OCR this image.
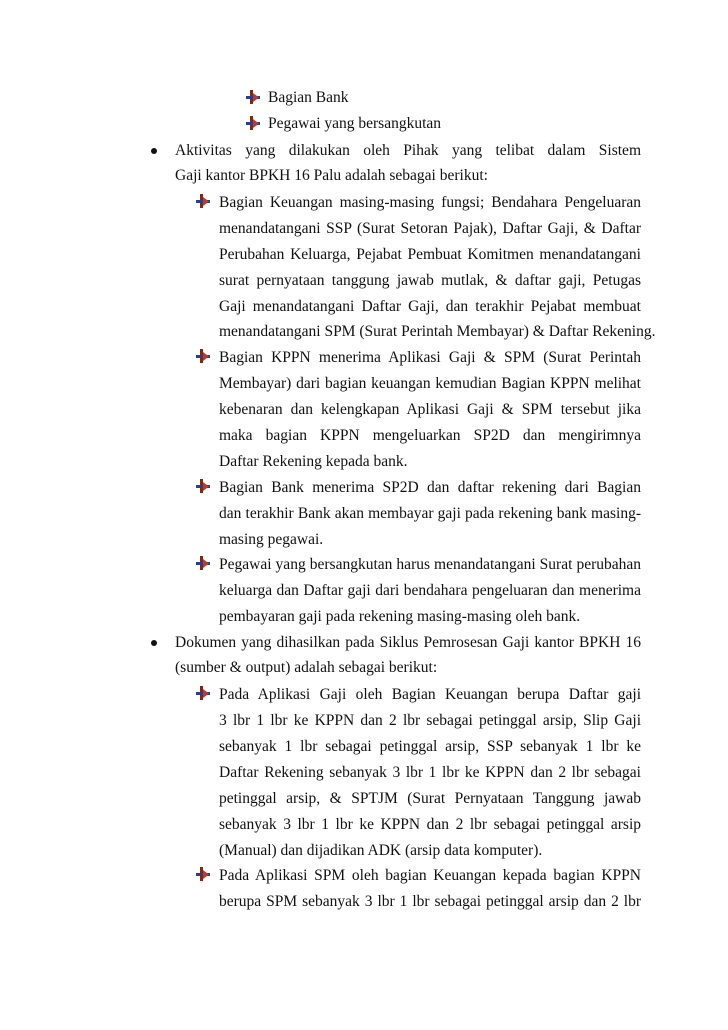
Bagian Bank
Pegawai yang bersangkutan
Aktivitas yang dilakukan oleh Pihak yang telibat dalam Sistem
Gaji kantor BPKH 16 Palu adalah sebagai berikut:
Bagian Keuangan masing-masing fungsi; Bendahara Pengeluaran
menandatangani SSP (Surat Setoran Pajak), Daftar Gaji, & Daftar
Perubahan Keluarga, Pejabat Pembuat Komitmen menandatangani
surat pernyataan tanggung jawab mutlak, & daftar gaji, Petugas
Gaji menandatangani Daftar Gaji, dan terakhir Pejabat membuat
menandatangani SPM (Surat Perintah Membayar) & Daftar Rekening.
Bagian KPPN menerima Aplikasi Gaji & SPM (Surat Perintah
Membayar) dari bagian keuangan kemudian Bagian KPPN melihat
kebenaran dan kelengkapan Aplikasi Gaji & SPM tersebut jika
maka bagian KPPN mengeluarkan SP2D dan mengirimnya
Daftar Rekening kepada bank.
Bagian Bank menerima SP2D dan daftar rekening dari Bagian
dan terakhir Bank akan membayar gaji pada rekening bank masing-
masing pegawai.
Pegawai yang bersangkutan harus menandatangani Surat perubahan
keluarga dan Daftar gaji dari bendahara pengeluaran dan menerima
pembayaran gaji pada rekening masing-masing oleh bank.
Dokumen yang dihasilkan pada Siklus Pemrosesan Gaji kantor BPKH 16
(sumber & output) adalah sebagai berikut:
Pada Aplikasi Gaji oleh Bagian Keuangan berupa Daftar gaji
3 lbr 1 lbr ke KPPN dan 2 lbr sebagai petinggal arsip, Slip Gaji
sebanyak 1 lbr sebagai petinggal arsip, SSP sebanyak 1 lbr ke
Daftar Rekening sebanyak 3 lbr 1 lbr ke KPPN dan 2 lbr sebagai
petinggal arsip, & SPTJM (Surat Pernyataan Tanggung jawab
sebanyak 3 lbr 1 lbr ke KPPN dan 2 lbr sebagai petinggal arsip
(Manual) dan dijadikan ADK (arsip data komputer).
Pada Aplikasi SPM oleh bagian Keuangan kepada bagian KPPN
berupa SPM sebanyak 3 lbr 1 lbr sebagai petinggal arsip dan 2 lbr
